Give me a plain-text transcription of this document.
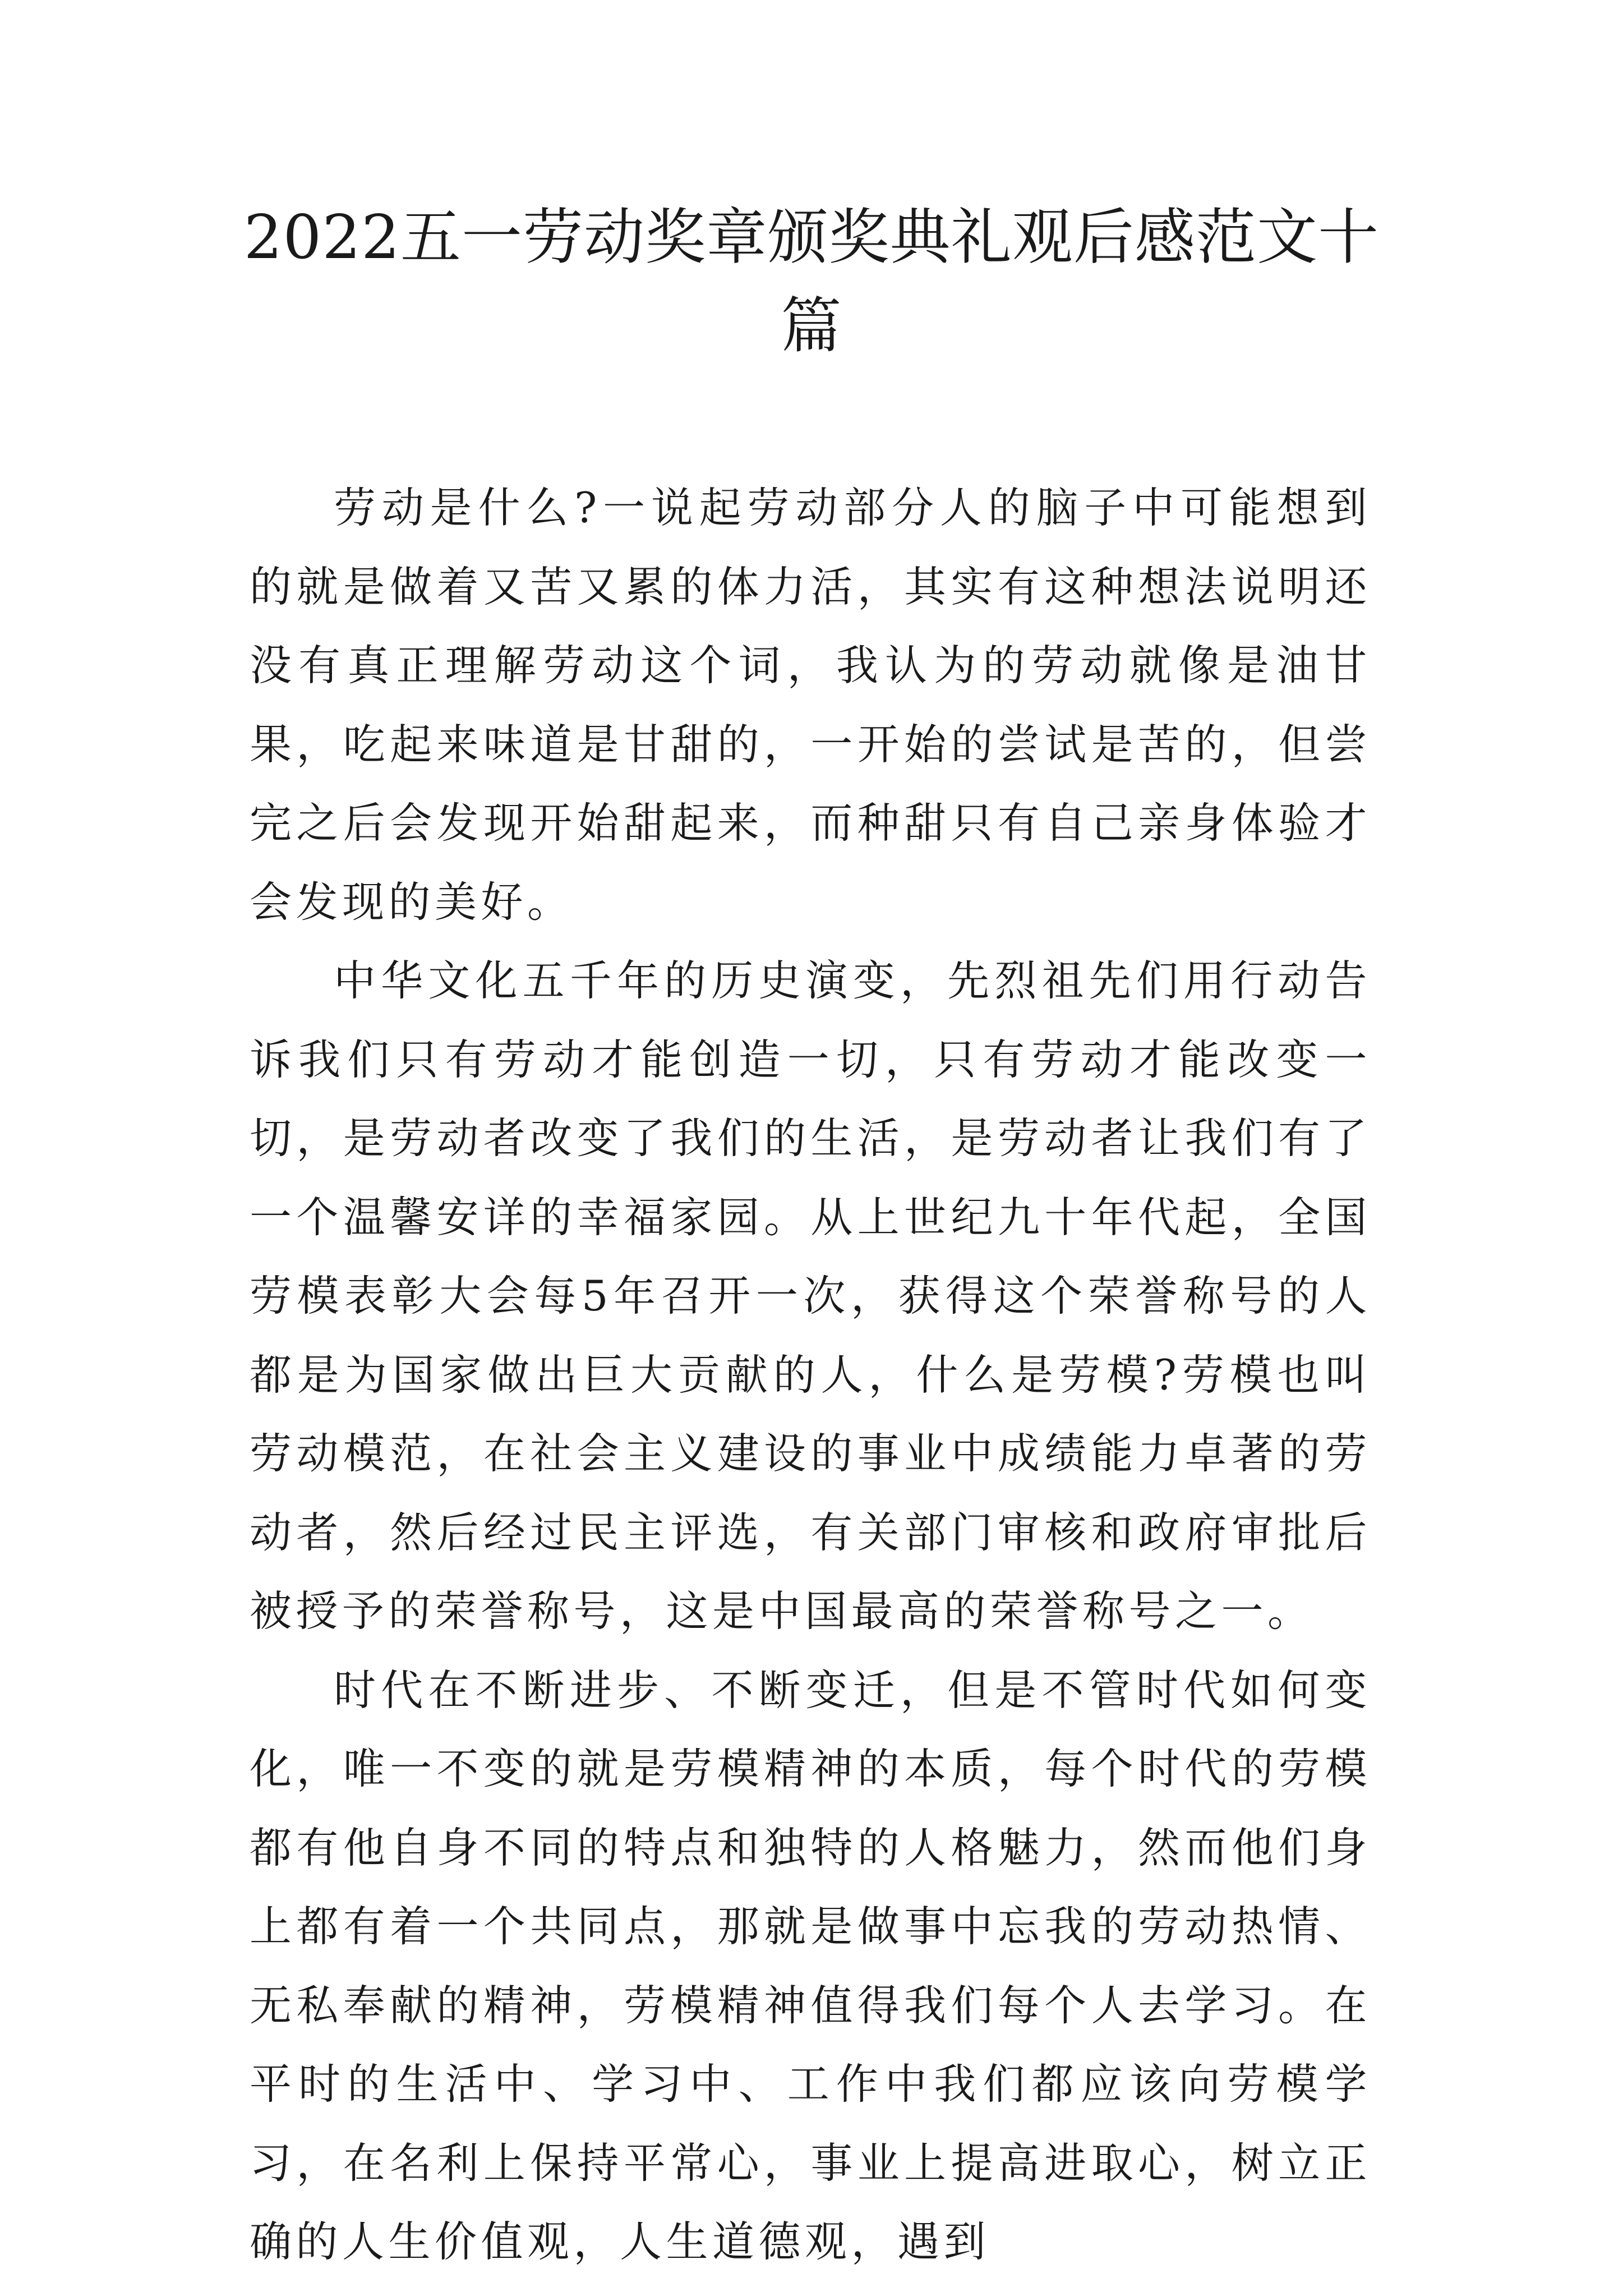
2022五一劳动奖章颁奖典礼观后感范文十篇

劳动是什么?一说起劳动部分人的脑子中可能想到的就是做着又苦又累的体力活，其实有这种想法说明还没有真正理解劳动这个词，我认为的劳动就像是油甘果，吃起来味道是甘甜的，一开始的尝试是苦的，但尝完之后会发现开始甜起来，而种甜只有自己亲身体验才会发现的美好。

中华文化五千年的历史演变，先烈祖先们用行动告诉我们只有劳动才能创造一切，只有劳动才能改变一切，是劳动者改变了我们的生活，是劳动者让我们有了一个温馨安详的幸福家园。从上世纪九十年代起，全国劳模表彰大会每5年召开一次，获得这个荣誉称号的人都是为国家做出巨大贡献的人，什么是劳模?劳模也叫劳动模范，在社会主义建设的事业中成绩能力卓著的劳动者，然后经过民主评选，有关部门审核和政府审批后被授予的荣誉称号，这是中国最高的荣誉称号之一。

时代在不断进步、不断变迁，但是不管时代如何变化，唯一不变的就是劳模精神的本质，每个时代的劳模都有他自身不同的特点和独特的人格魅力，然而他们身上都有着一个共同点，那就是做事中忘我的劳动热情、无私奉献的精神，劳模精神值得我们每个人去学习。在平时的生活中、学习中、工作中我们都应该向劳模学习，在名利上保持平常心，事业上提高进取心，树立正确的人生价值观，人生道德观，遇到
